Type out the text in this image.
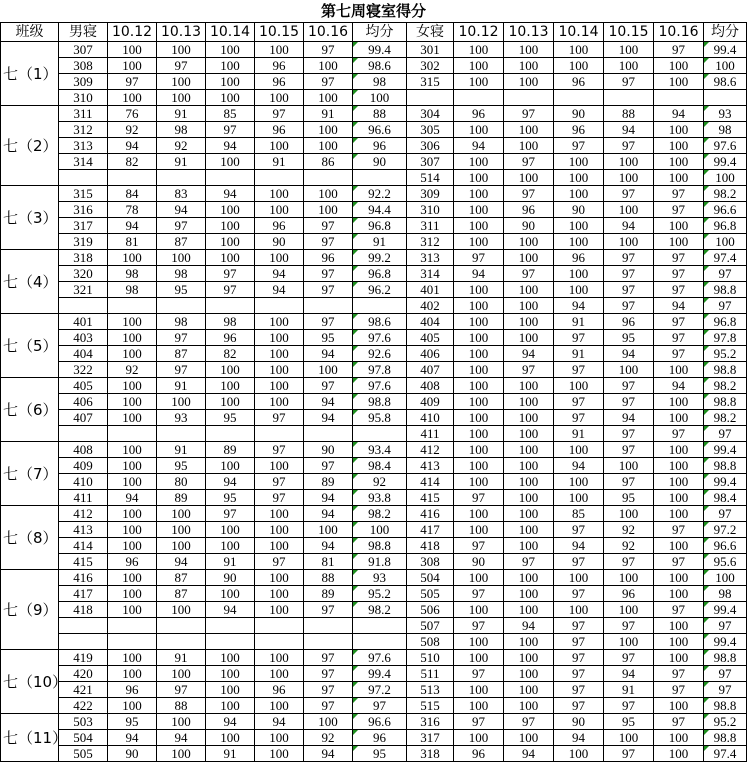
第七周寝室得分														
班级	男寝	10.12	10.13	10.14	10.15	10.16	均分	女寝	10.12	10.13	10.14	10.15	10.16	均分
七（1）	307	100	100	100	100	97	99.4	301	100	100	100	100	97	99.4
	308	100	97	100	96	100	98.6	302	100	100	100	100	100	100
	309	97	100	100	96	97	98	315	100	100	96	97	100	98.6
	310	100	100	100	100	100	100							
七（2）	311	76	91	85	97	91	88	304	96	97	90	88	94	93
	312	92	98	97	96	100	96.6	305	100	100	96	94	100	98
	313	94	92	94	100	100	96	306	94	100	97	97	100	97.6
	314	82	91	100	91	86	90	307	100	97	100	100	100	99.4
								514	100	100	100	100	100	100
七（3）	315	84	83	94	100	100	92.2	309	100	97	100	97	97	98.2
	316	78	94	100	100	100	94.4	310	100	96	90	100	97	96.6
	317	94	97	100	96	97	96.8	311	100	90	100	94	100	96.8
	319	81	87	100	90	97	91	312	100	100	100	100	100	100
七（4）	318	100	100	100	100	96	99.2	313	97	100	96	97	97	97.4
	320	98	98	97	94	97	96.8	314	94	97	100	97	97	97
	321	98	95	97	94	97	96.2	401	100	100	100	97	97	98.8
								402	100	100	94	97	94	97
七（5）	401	100	98	98	100	97	98.6	404	100	100	91	96	97	96.8
	403	100	97	96	100	95	97.6	405	100	100	97	95	97	97.8
	404	100	87	82	100	94	92.6	406	100	94	91	94	97	95.2
	322	92	97	100	100	100	97.8	407	100	97	97	100	100	98.8
七（6）	405	100	91	100	100	97	97.6	408	100	100	100	97	94	98.2
	406	100	100	100	100	94	98.8	409	100	100	97	97	100	98.8
	407	100	93	95	97	94	95.8	410	100	100	97	94	100	98.2
								411	100	100	91	97	97	97
七（7）	408	100	91	89	97	90	93.4	412	100	100	100	97	100	99.4
	409	100	95	100	100	97	98.4	413	100	100	94	100	100	98.8
	410	100	80	94	97	89	92	414	100	100	100	97	100	99.4
	411	94	89	95	97	94	93.8	415	97	100	100	95	100	98.4
七（8）	412	100	100	97	100	94	98.2	416	100	100	85	100	100	97
	413	100	100	100	100	100	100	417	100	100	97	92	97	97.2
	414	100	100	100	100	94	98.8	418	97	100	94	92	100	96.6
	415	96	94	91	97	81	91.8	308	90	97	97	97	97	95.6
七（9）	416	100	87	90	100	88	93	504	100	100	100	100	100	100
	417	100	87	100	100	89	95.2	505	97	100	97	96	100	98
	418	100	100	94	100	97	98.2	506	100	100	100	100	97	99.4
								507	97	94	97	97	100	97
								508	100	100	97	100	100	99.4
七（10）	419	100	91	100	100	97	97.6	510	100	100	97	97	100	98.8
	420	100	100	100	100	97	99.4	511	97	100	97	94	97	97
	421	96	97	100	96	97	97.2	513	100	100	97	91	97	97
	422	100	88	100	100	97	97	515	100	100	97	97	100	98.8
七（11）	503	95	100	94	94	100	96.6	316	97	97	90	95	97	95.2
	504	94	94	100	100	92	96	317	100	100	94	100	100	98.8
	505	90	100	91	100	94	95	318	96	94	100	97	100	97.4
